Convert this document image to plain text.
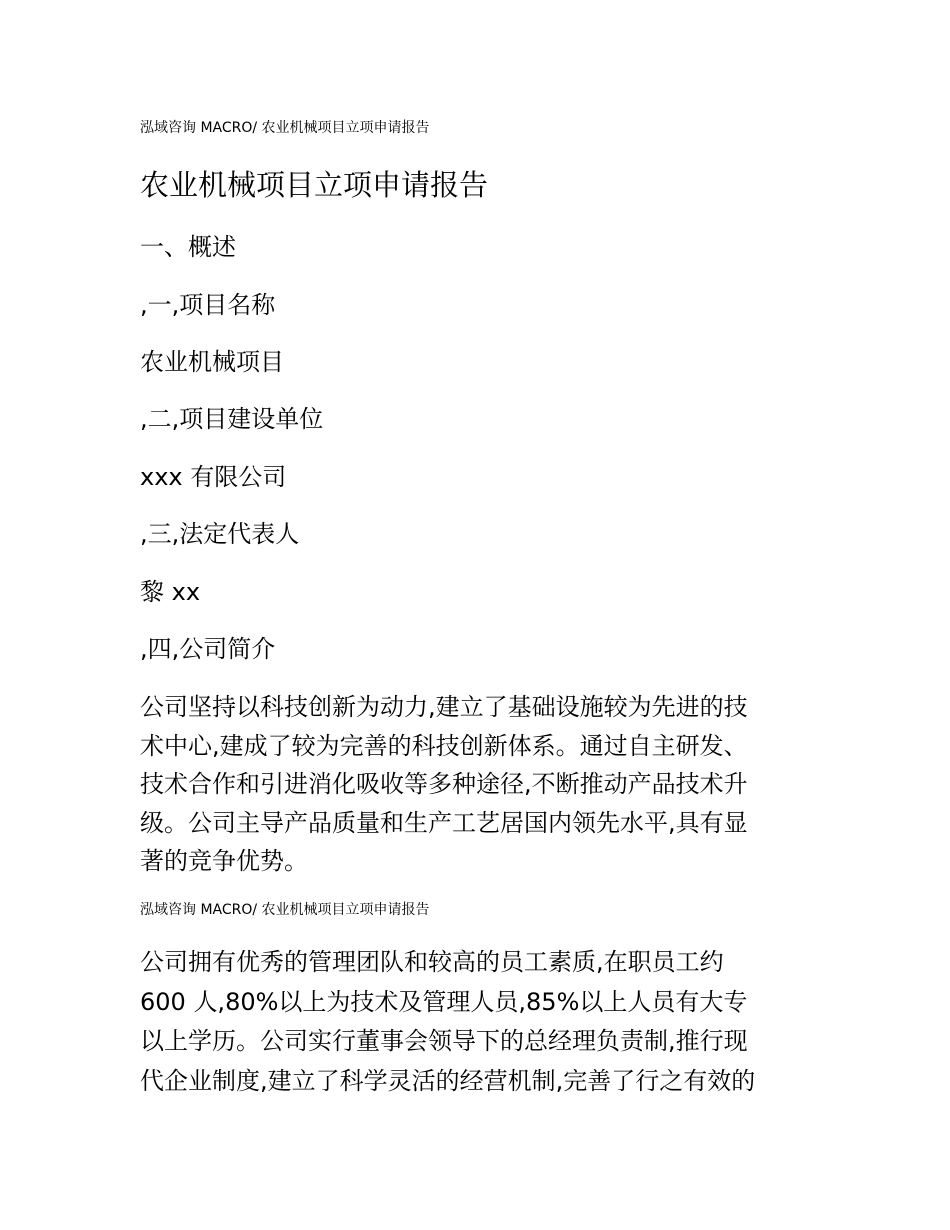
泓域咨询 MACRO/ 农业机械项目立项申请报告
农业机械项目立项申请报告
一、概述
,一,项目名称
农业机械项目
,二,项目建设单位
xxx 有限公司
,三,法定代表人
黎 xx
,四,公司简介
公司坚持以科技创新为动力,建立了基础设施较为先进的技
术中心,建成了较为完善的科技创新体系。通过自主研发、
技术合作和引进消化吸收等多种途径,不断推动产品技术升
级。公司主导产品质量和生产工艺居国内领先水平,具有显
著的竞争优势。
泓域咨询 MACRO/ 农业机械项目立项申请报告
公司拥有优秀的管理团队和较高的员工素质,在职员工约
600 人,80%以上为技术及管理人员,85%以上人员有大专
以上学历。公司实行董事会领导下的总经理负责制,推行现
代企业制度,建立了科学灵活的经营机制,完善了行之有效的
